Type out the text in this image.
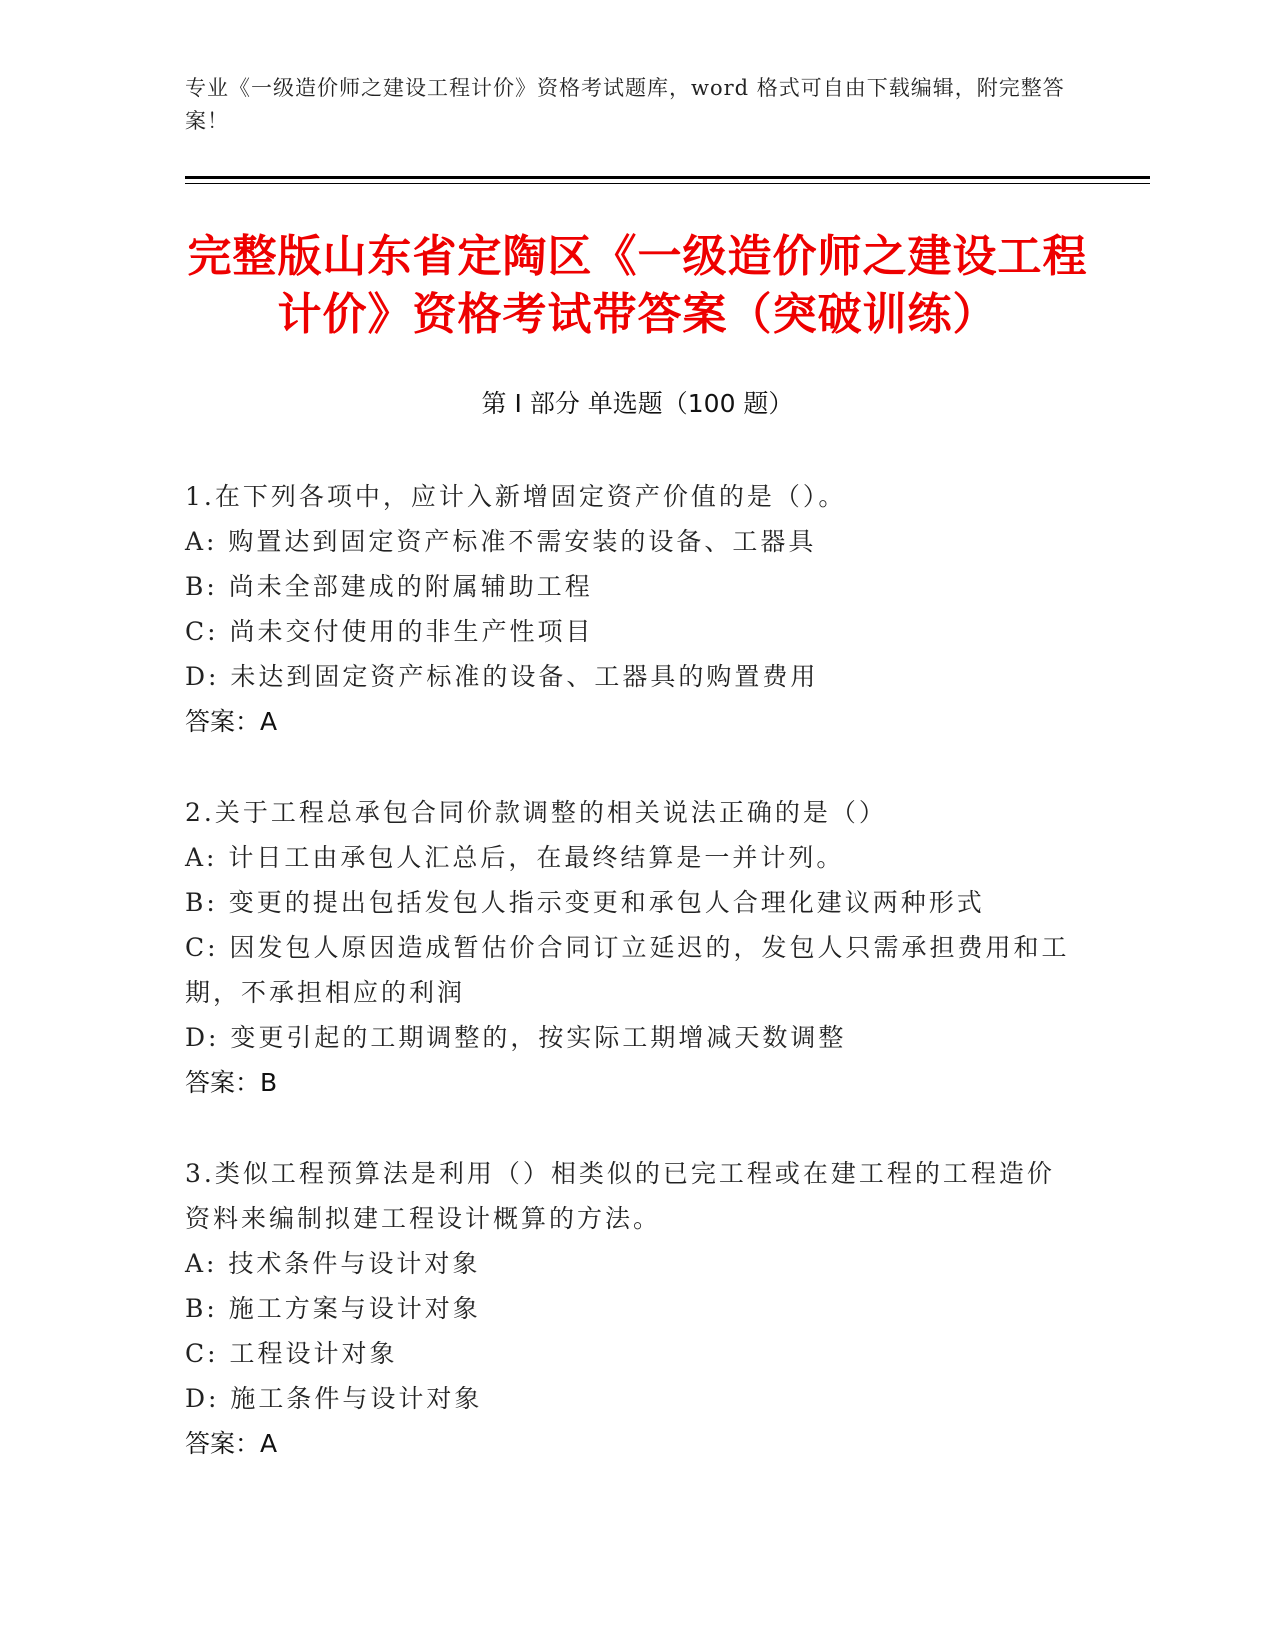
专业《一级造价师之建设工程计价》资格考试题库，word 格式可自由下载编辑，附完整答案！
完整版山东省定陶区《一级造价师之建设工程计价》资格考试带答案（突破训练）
第 I 部分 单选题（100 题）
1.在下列各项中，应计入新增固定资产价值的是（）。
A: 购置达到固定资产标准不需安装的设备、工器具
B: 尚未全部建成的附属辅助工程
C: 尚未交付使用的非生产性项目
D: 未达到固定资产标准的设备、工器具的购置费用
答案：A
2.关于工程总承包合同价款调整的相关说法正确的是（）
A: 计日工由承包人汇总后，在最终结算是一并计列。
B: 变更的提出包括发包人指示变更和承包人合理化建议两种形式
C: 因发包人原因造成暂估价合同订立延迟的，发包人只需承担费用和工期，不承担相应的利润
D: 变更引起的工期调整的，按实际工期增减天数调整
答案：B
3.类似工程预算法是利用（）相类似的已完工程或在建工程的工程造价资料来编制拟建工程设计概算的方法。
A: 技术条件与设计对象
B: 施工方案与设计对象
C: 工程设计对象
D: 施工条件与设计对象
答案：A
